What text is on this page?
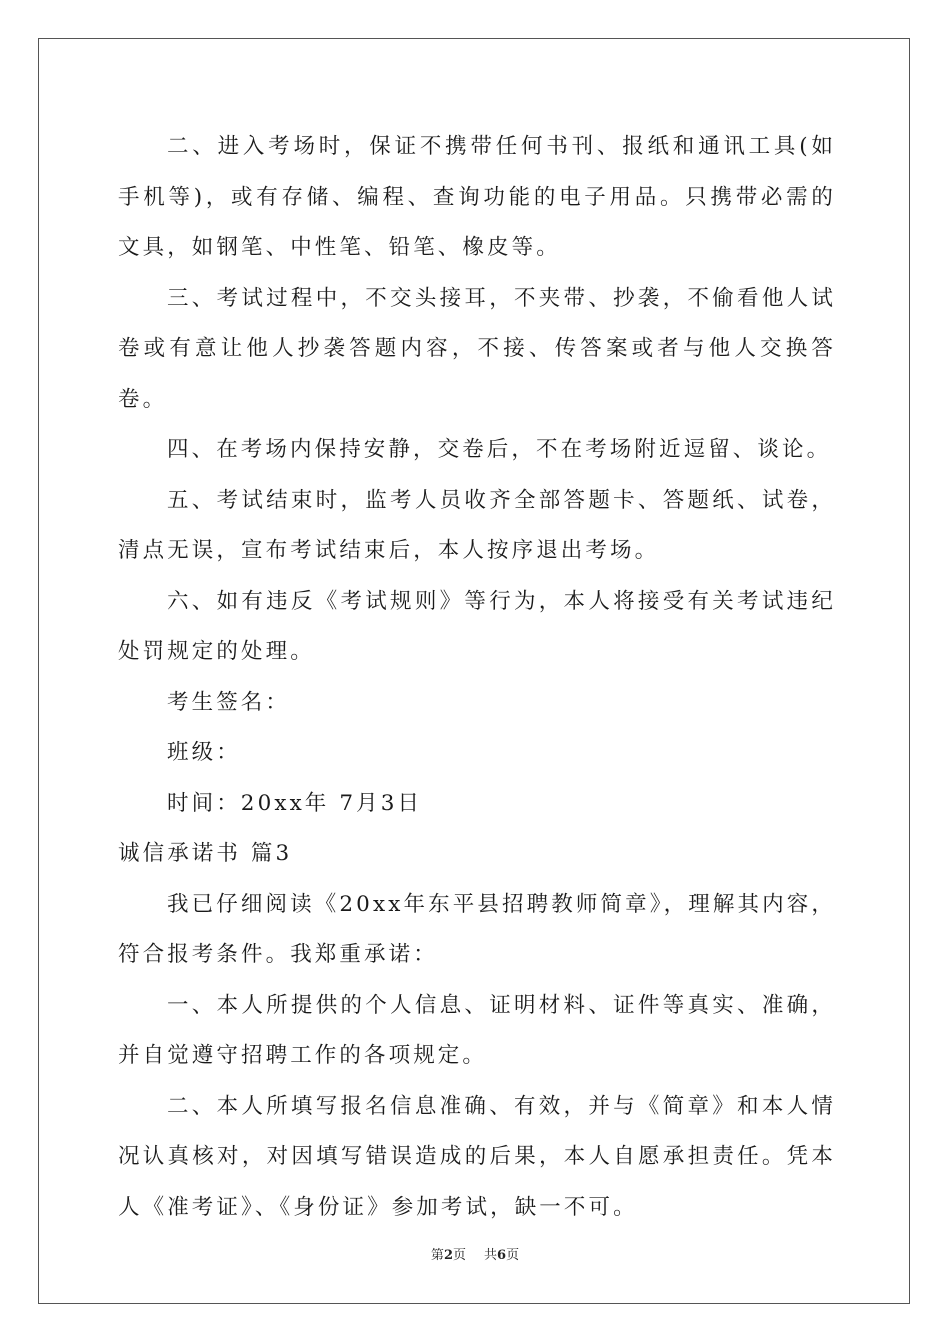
二、进入考场时，保证不携带任何书刊、报纸和通讯工具(如手机等)，或有存储、编程、查询功能的电子用品。只携带必需的文具，如钢笔、中性笔、铅笔、橡皮等。

三、考试过程中，不交头接耳，不夹带、抄袭，不偷看他人试卷或有意让他人抄袭答题内容，不接、传答案或者与他人交换答卷。

四、在考场内保持安静，交卷后，不在考场附近逗留、谈论。

五、考试结束时，监考人员收齐全部答题卡、答题纸、试卷，清点无误，宣布考试结束后，本人按序退出考场。

六、如有违反《考试规则》等行为，本人将接受有关考试违纪处罚规定的处理。

考生签名：

班级：

时间：20xx年 7月3日

诚信承诺书 篇3

我已仔细阅读《20xx年东平县招聘教师简章》，理解其内容，符合报考条件。我郑重承诺：

一、本人所提供的个人信息、证明材料、证件等真实、准确，并自觉遵守招聘工作的各项规定。

二、本人所填写报名信息准确、有效，并与《简章》和本人情况认真核对，对因填写错误造成的后果，本人自愿承担责任。凭本人《准考证》、《身份证》参加考试，缺一不可。

第2页 共6页
